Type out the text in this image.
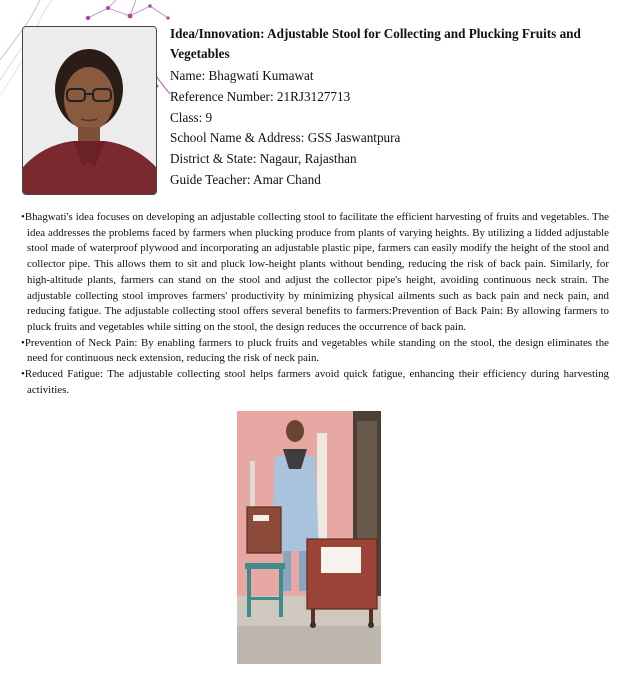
Idea/Innovation: Adjustable Stool for Collecting and Plucking Fruits and Vegetables
Name: Bhagwati Kumawat
Reference Number: 21RJ3127713
Class: 9
School Name & Address: GSS Jaswantpura
District & State: Nagaur, Rajasthan
Guide Teacher: Amar Chand

•Bhagwati's idea focuses on developing an adjustable collecting stool to facilitate the efficient harvesting of fruits and vegetables. The idea addresses the problems faced by farmers when plucking produce from plants of varying heights. By utilizing a lidded adjustable stool made of waterproof plywood and incorporating an adjustable plastic pipe, farmers can easily modify the height of the stool and collector pipe. This allows them to sit and pluck low-height plants without bending, reducing the risk of back pain. Similarly, for high-altitude plants, farmers can stand on the stool and adjust the collector pipe's height, avoiding continuous neck strain. The adjustable collecting stool improves farmers' productivity by minimizing physical ailments such as back pain and neck pain, and reducing fatigue. The adjustable collecting stool offers several benefits to farmers:Prevention of Back Pain: By allowing farmers to pluck fruits and vegetables while sitting on the stool, the design reduces the occurrence of back pain.

•Prevention of Neck Pain: By enabling farmers to pluck fruits and vegetables while standing on the stool, the design eliminates the need for continuous neck extension, reducing the risk of neck pain.

•Reduced Fatigue: The adjustable collecting stool helps farmers avoid quick fatigue, enhancing their efficiency during harvesting activities.
